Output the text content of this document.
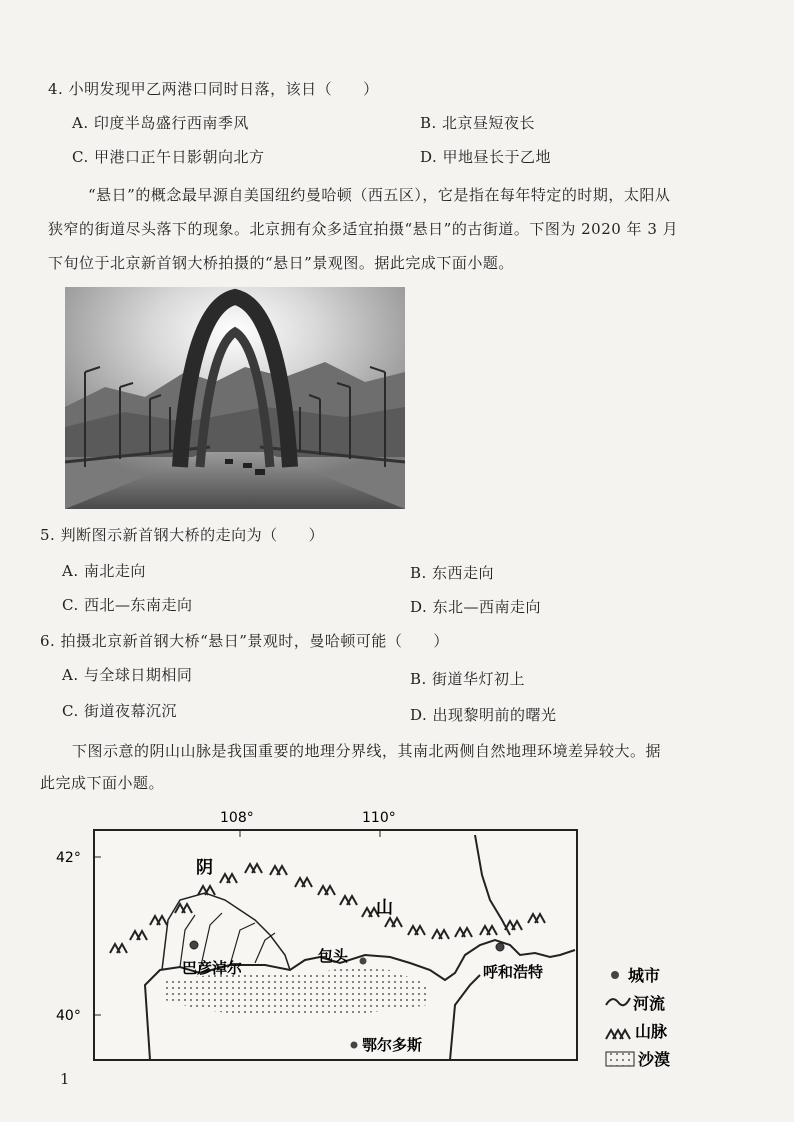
4. 小明发现甲乙两港口同时日落，该日（　　）
A. 印度半岛盛行西南季风	B. 北京昼短夜长
C. 甲港口正午日影朝向北方	D. 甲地昼长于乙地
“悬日”的概念最早源自美国纽约曼哈顿（西五区），它是指在每年特定的时期，太阳从
狭窄的街道尽头落下的现象。北京拥有众多适宜拍摄“悬日”的古街道。下图为 2020 年 3 月
下旬位于北京新首钢大桥拍摄的“悬日”景观图。据此完成下面小题。
5. 判断图示新首钢大桥的走向为（　　）
A. 南北走向	B. 东西走向
C. 西北—东南走向	D. 东北—西南走向
6. 拍摄北京新首钢大桥“悬日”景观时，曼哈顿可能（　　）
A. 与全球日期相同	B. 街道华灯初上
C. 街道夜幕沉沉	D. 出现黎明前的曙光
下图示意的阴山山脉是我国重要的地理分界线，其南北两侧自然地理环境差异较大。据
此完成下面小题。
108°	110°
42°
40°
阴
山
巴彦淖尔
包头
呼和浩特
鄂尔多斯
城市
河流
山脉
沙漠
1
